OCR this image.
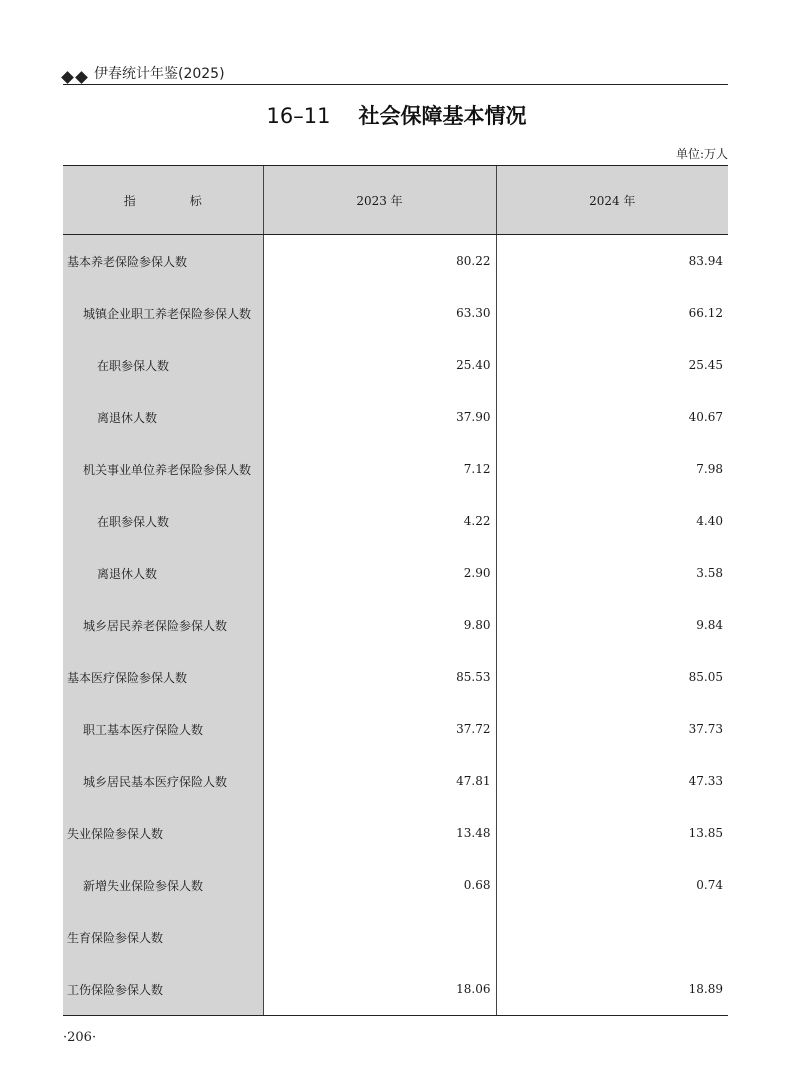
伊春统计年鉴(2025)
16–11 社会保障基本情况
单位:万人
指 标	2023 年	2024 年
基本养老保险参保人数	80.22	83.94
城镇企业职工养老保险参保人数	63.30	66.12
在职参保人数	25.40	25.45
离退休人数	37.90	40.67
机关事业单位养老保险参保人数	7.12	7.98
在职参保人数	4.22	4.40
离退休人数	2.90	3.58
城乡居民养老保险参保人数	9.80	9.84
基本医疗保险参保人数	85.53	85.05
职工基本医疗保险人数	37.72	37.73
城乡居民基本医疗保险人数	47.81	47.33
失业保险参保人数	13.48	13.85
新增失业保险参保人数	0.68	0.74
生育保险参保人数		
工伤保险参保人数	18.06	18.89
·206·
